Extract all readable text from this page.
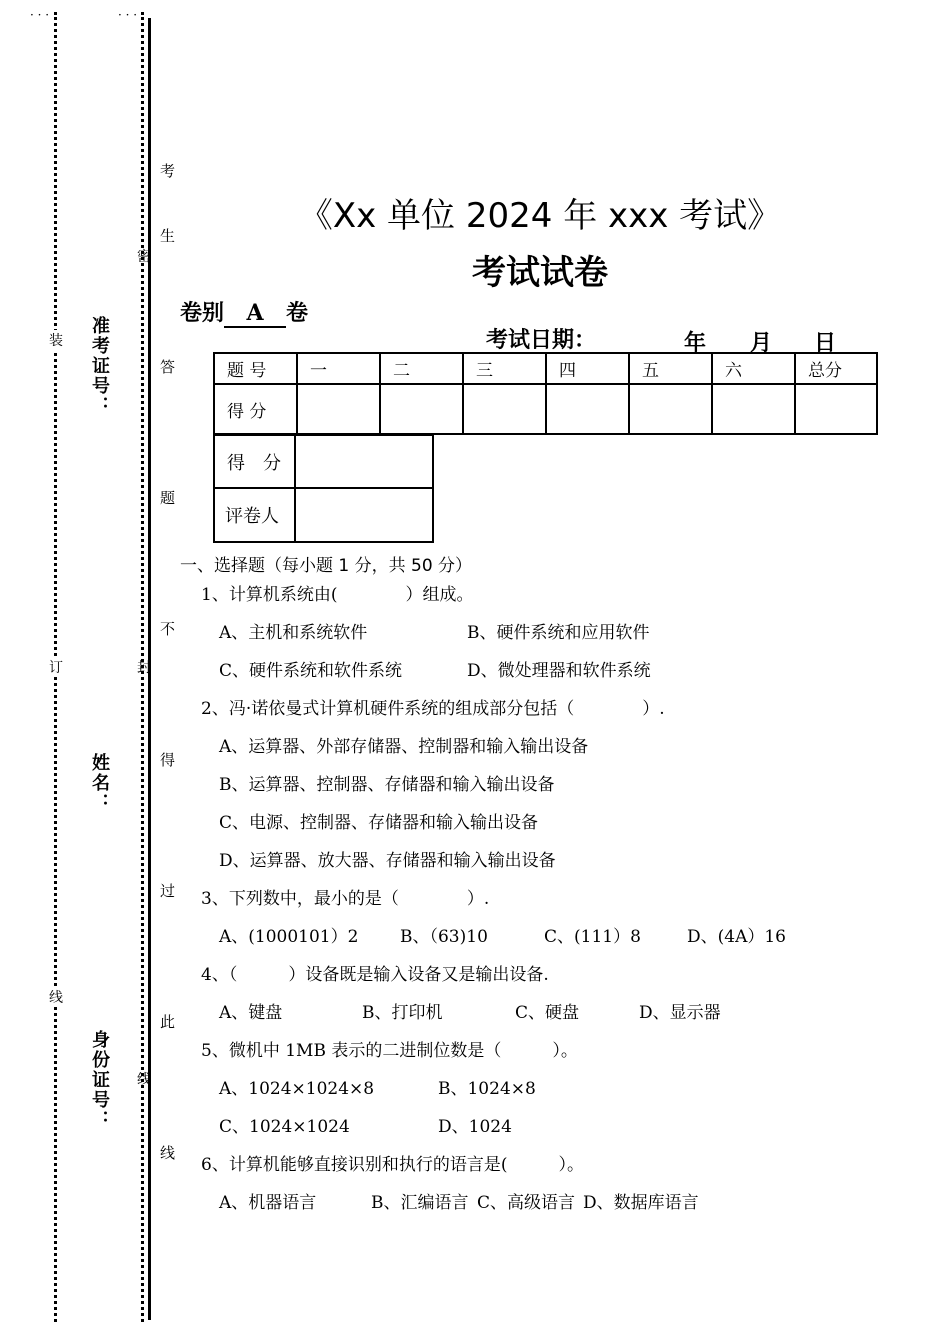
· · ·	· · ·
装
订
线
准考证号：
姓名：
身份证号：
密
封
线
考
生
答
题
不
得
过
此
线
《Xx 单位 2024 年 xxx 考试》
考试试卷
卷别 A 卷
考试日期：	年 月 日
题 号	一	二	三	四	五	六	总分
得 分							
得　分	
评卷人	
一、选择题（每小题 1 分，共 50 分）
1、计算机系统由(　　　　）组成。
A、主机和系统软件	B、硬件系统和应用软件
C、硬件系统和软件系统	D、微处理器和软件系统
2、冯·诺依曼式计算机硬件系统的组成部分包括（　　　　）.
A、运算器、外部存储器、控制器和输入输出设备
B、运算器、控制器、存储器和输入输出设备
C、电源、控制器、存储器和输入输出设备
D、运算器、放大器、存储器和输入输出设备
3、下列数中，最小的是（　　　　）.
A、(1000101）2 B、（63)10	C、(111）8	D、(4A）16
4、（　　　）设备既是输入设备又是输出设备.
A、键盘	B、打印机	C、硬盘	D、显示器
5、微机中 1MB 表示的二进制位数是（　　　）。
A、1024×1024×8	B、1024×8
C、1024×1024	D、1024
6、计算机能够直接识别和执行的语言是(　　　）。
A、机器语言	B、汇编语言 C、高级语言 D、数据库语言
